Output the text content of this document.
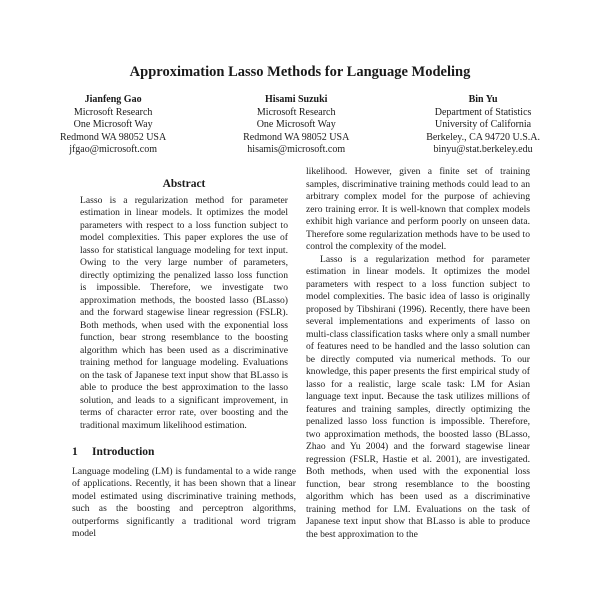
Approximation Lasso Methods for Language Modeling
Jianfeng Gao
Microsoft Research
One Microsoft Way
Redmond WA 98052 USA
jfgao@microsoft.com
Hisami Suzuki
Microsoft Research
One Microsoft Way
Redmond WA 98052 USA
hisamis@microsoft.com
Bin Yu
Department of Statistics
University of California
Berkeley., CA 94720 U.S.A.
binyu@stat.berkeley.edu
Abstract

Lasso is a regularization method for parameter estimation in linear models. It optimizes the model parameters with respect to a loss function subject to model complexities. This paper explores the use of lasso for statistical language modeling for text input. Owing to the very large number of parameters, directly optimizing the penalized lasso loss function is impossible. Therefore, we investigate two approximation methods, the boosted lasso (BLasso) and the forward stagewise linear regression (FSLR). Both methods, when used with the exponential loss function, bear strong resemblance to the boosting algorithm which has been used as a discriminative training method for language modeling. Evaluations on the task of Japanese text input show that BLasso is able to produce the best approximation to the lasso solution, and leads to a significant improvement, in terms of character error rate, over boosting and the traditional maximum likelihood estimation.

1 Introduction

Language modeling (LM) is fundamental to a wide range of applications. Recently, it has been shown that a linear model estimated using discriminative training methods, such as the boosting and perceptron algorithms, outperforms significantly a traditional word trigram model

likelihood. However, given a finite set of training samples, discriminative training methods could lead to an arbitrary complex model for the purpose of achieving zero training error. It is well-known that complex models exhibit high variance and perform poorly on unseen data. Therefore some regularization methods have to be used to control the complexity of the model.

Lasso is a regularization method for parameter estimation in linear models. It optimizes the model parameters with respect to a loss function subject to model complexities. The basic idea of lasso is originally proposed by Tibshirani (1996). Recently, there have been several implementations and experiments of lasso on multi-class classification tasks where only a small number of features need to be handled and the lasso solution can be directly computed via numerical methods. To our knowledge, this paper presents the first empirical study of lasso for a realistic, large scale task: LM for Asian language text input. Because the task utilizes millions of features and training samples, directly optimizing the penalized lasso loss function is impossible. Therefore, two approximation methods, the boosted lasso (BLasso, Zhao and Yu 2004) and the forward stagewise linear regression (FSLR, Hastie et al. 2001), are investigated. Both methods, when used with the exponential loss function, bear strong resemblance to the boosting algorithm which has been used as a discriminative training method for LM. Evaluations on the task of Japanese text input show that BLasso is able to produce the best approximation to the
